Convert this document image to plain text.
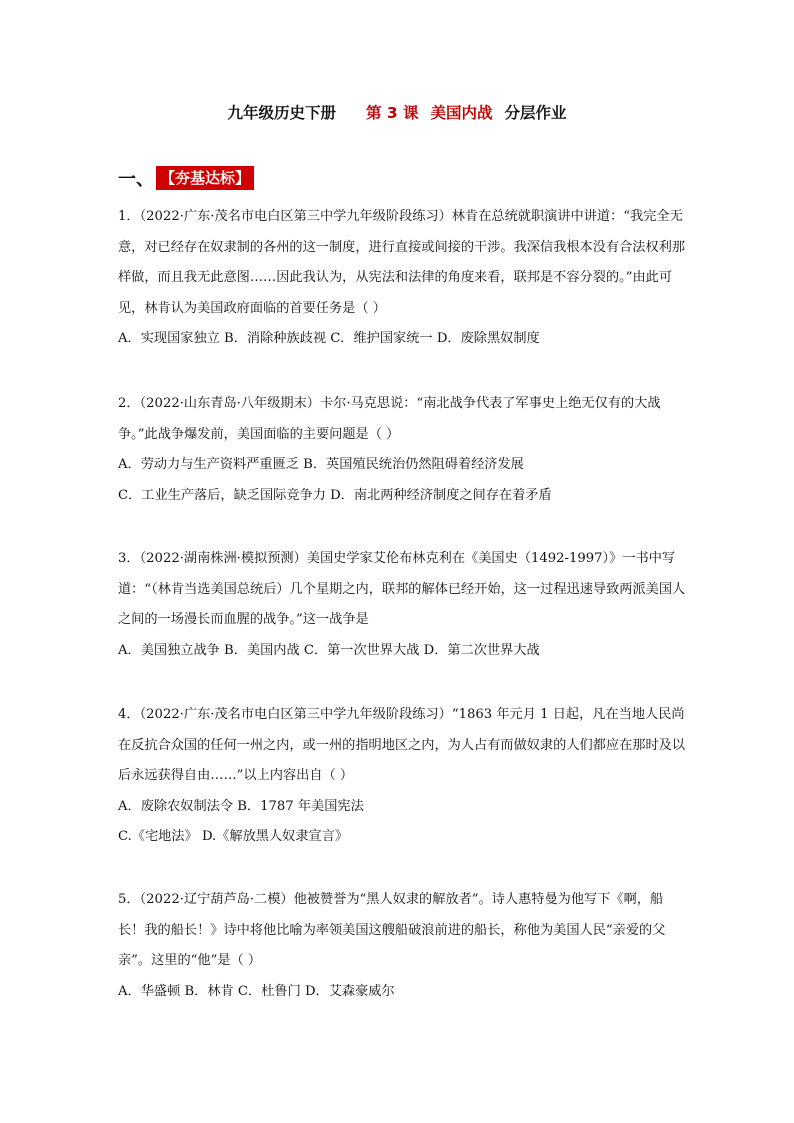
九年级历史下册 第 3 课 美国内战 分层作业
一、 【夯基达标】

1．（2022·广东·茂名市电白区第三中学九年级阶段练习）林肯在总统就职演讲中讲道：“我完全无意，对已经存在奴隶制的各州的这一制度，进行直接或间接的干涉。我深信我根本没有合法权利那样做，而且我无此意图……因此我认为，从宪法和法律的角度来看，联邦是不容分裂的。”由此可见，林肯认为美国政府面临的首要任务是（ ）

A．实现国家独立 B．消除种族歧视 C．维护国家统一 D．废除黑奴制度

2．（2022·山东青岛·八年级期末）卡尔·马克思说：“南北战争代表了军事史上绝无仅有的大战争。”此战争爆发前，美国面临的主要问题是（ ）

A．劳动力与生产资料严重匮乏 B．英国殖民统治仍然阻碍着经济发展

C．工业生产落后，缺乏国际竞争力 D．南北两种经济制度之间存在着矛盾

3．（2022·湖南株洲·模拟预测）美国史学家艾伦布林克利在《美国史（1492-1997）》一书中写道：“（林肯当选美国总统后）几个星期之内，联邦的解体已经开始，这一过程迅速导致两派美国人之间的一场漫长而血腥的战争。”这一战争是

A．美国独立战争 B．美国内战 C．第一次世界大战 D．第二次世界大战

4．（2022·广东·茂名市电白区第三中学九年级阶段练习）“1863 年元月 1 日起，凡在当地人民尚在反抗合众国的任何一州之内，或一州的指明地区之内，为人占有而做奴隶的人们都应在那时及以后永远获得自由……”以上内容出自（ ）

A．废除农奴制法令 B．1787 年美国宪法

C.《宅地法》 D.《解放黑人奴隶宣言》

5．（2022·辽宁葫芦岛·二模）他被赞誉为“黑人奴隶的解放者”。诗人惠特曼为他写下《啊，船长！我的船长！》诗中将他比喻为率领美国这艘船破浪前进的船长，称他为美国人民“亲爱的父亲”。这里的“他”是（ ）

A．华盛顿 B．林肯 C．杜鲁门 D．艾森豪威尔
